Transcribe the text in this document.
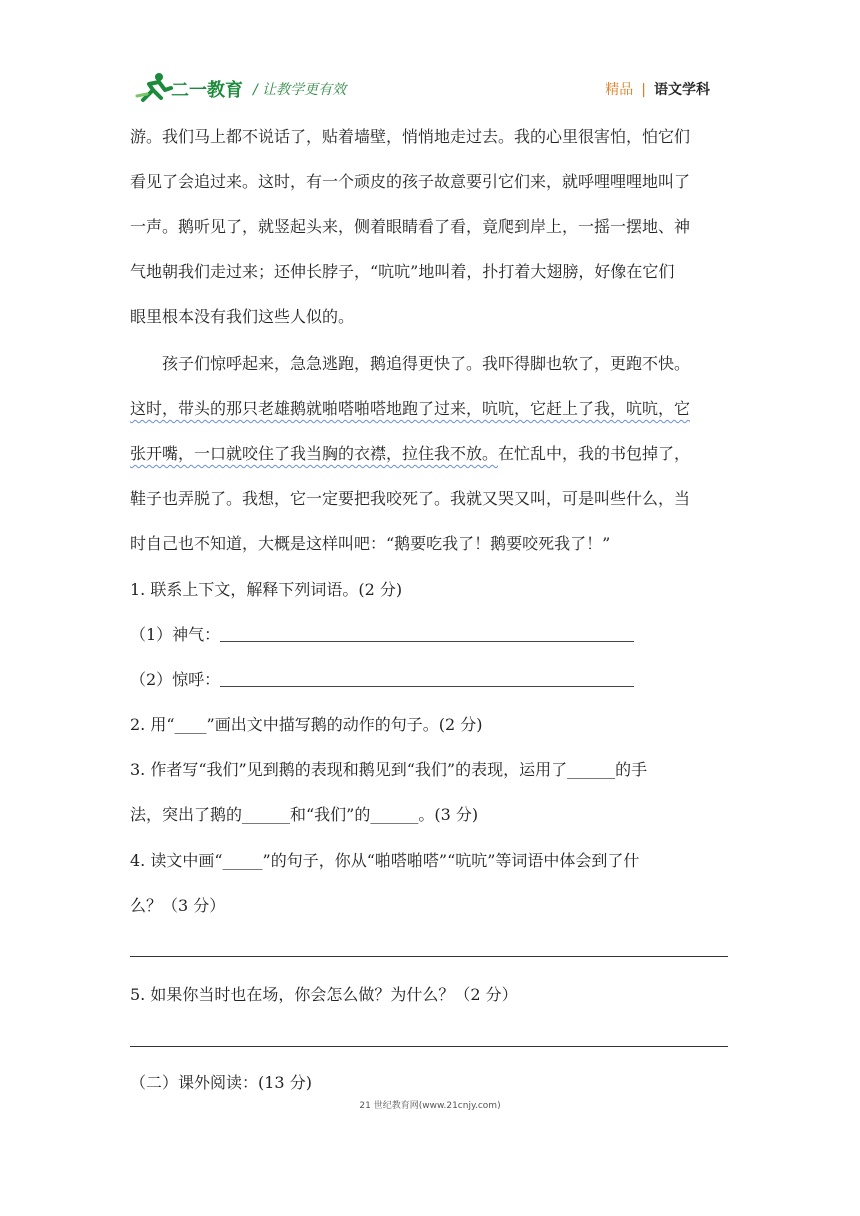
二一教育 / 让教学更有效	精品 | 语文学科
游。我们马上都不说话了，贴着墙壁，悄悄地走过去。我的心里很害怕，怕它们
看见了会追过来。这时，有一个顽皮的孩子故意要引它们来，就呼哩哩哩地叫了
一声。鹅听见了，就竖起头来，侧着眼睛看了看，竟爬到岸上，一摇一摆地、神
气地朝我们走过来；还伸长脖子，“吭吭”地叫着，扑打着大翅膀，好像在它们
眼里根本没有我们这些人似的。
　　孩子们惊呼起来，急急逃跑，鹅追得更快了。我吓得脚也软了，更跑不快。
这时，带头的那只老雄鹅就啪嗒啪嗒地跑了过来，吭吭，它赶上了我，吭吭，它
张开嘴，一口就咬住了我当胸的衣襟，拉住我不放。在忙乱中，我的书包掉了，
鞋子也弄脱了。我想，它一定要把我咬死了。我就又哭又叫，可是叫些什么，当
时自己也不知道，大概是这样叫吧：“鹅要吃我了！鹅要咬死我了！”
1. 联系上下文，解释下列词语。(2 分)
（1）神气：
（2）惊呼：
2. 用“____”画出文中描写鹅的动作的句子。(2 分)
3. 作者写“我们”见到鹅的表现和鹅见到“我们”的表现，运用了______的手
法，突出了鹅的______和“我们”的______。(3 分)
4. 读文中画“_____”的句子，你从“啪嗒啪嗒”“吭吭”等词语中体会到了什
么？（3 分）
5. 如果你当时也在场，你会怎么做？为什么？（2 分）
（二）课外阅读：(13 分)
21 世纪教育网(www.21cnjy.com)
